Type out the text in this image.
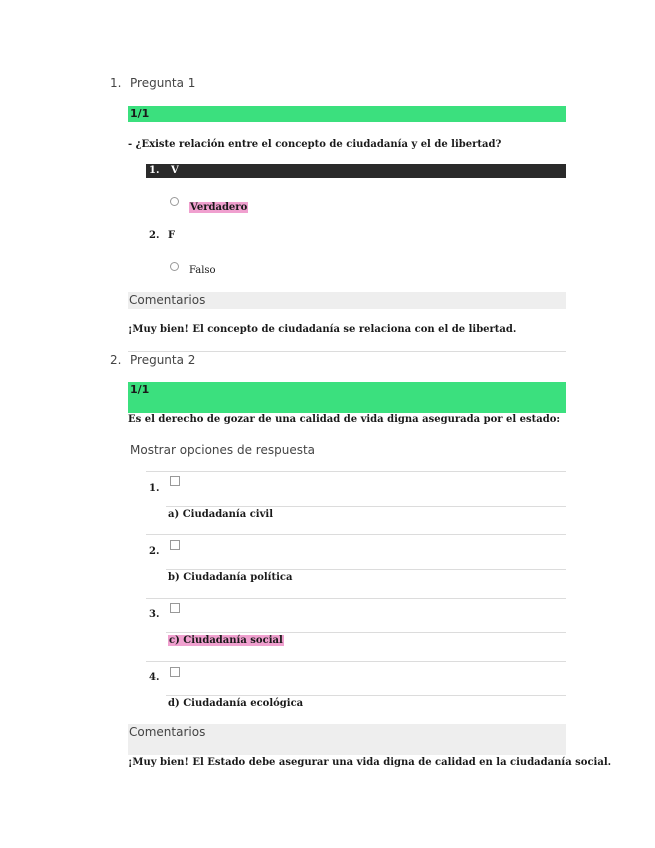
1. Pregunta 1
1/1
- ¿Existe relación entre el concepto de ciudadanía y el de libertad?
1. V
Verdadero
2. F
Falso
Comentarios
¡Muy bien! El concepto de ciudadanía se relaciona con el de libertad.
2. Pregunta 2
1/1
Es el derecho de gozar de una calidad de vida digna asegurada por el estado:
Mostrar opciones de respuesta
1.
a) Ciudadanía civil
2.
b) Ciudadanía política
3.
c) Ciudadanía social
4.
d) Ciudadanía ecológica
Comentarios
¡Muy bien! El Estado debe asegurar una vida digna de calidad en la ciudadanía social.
